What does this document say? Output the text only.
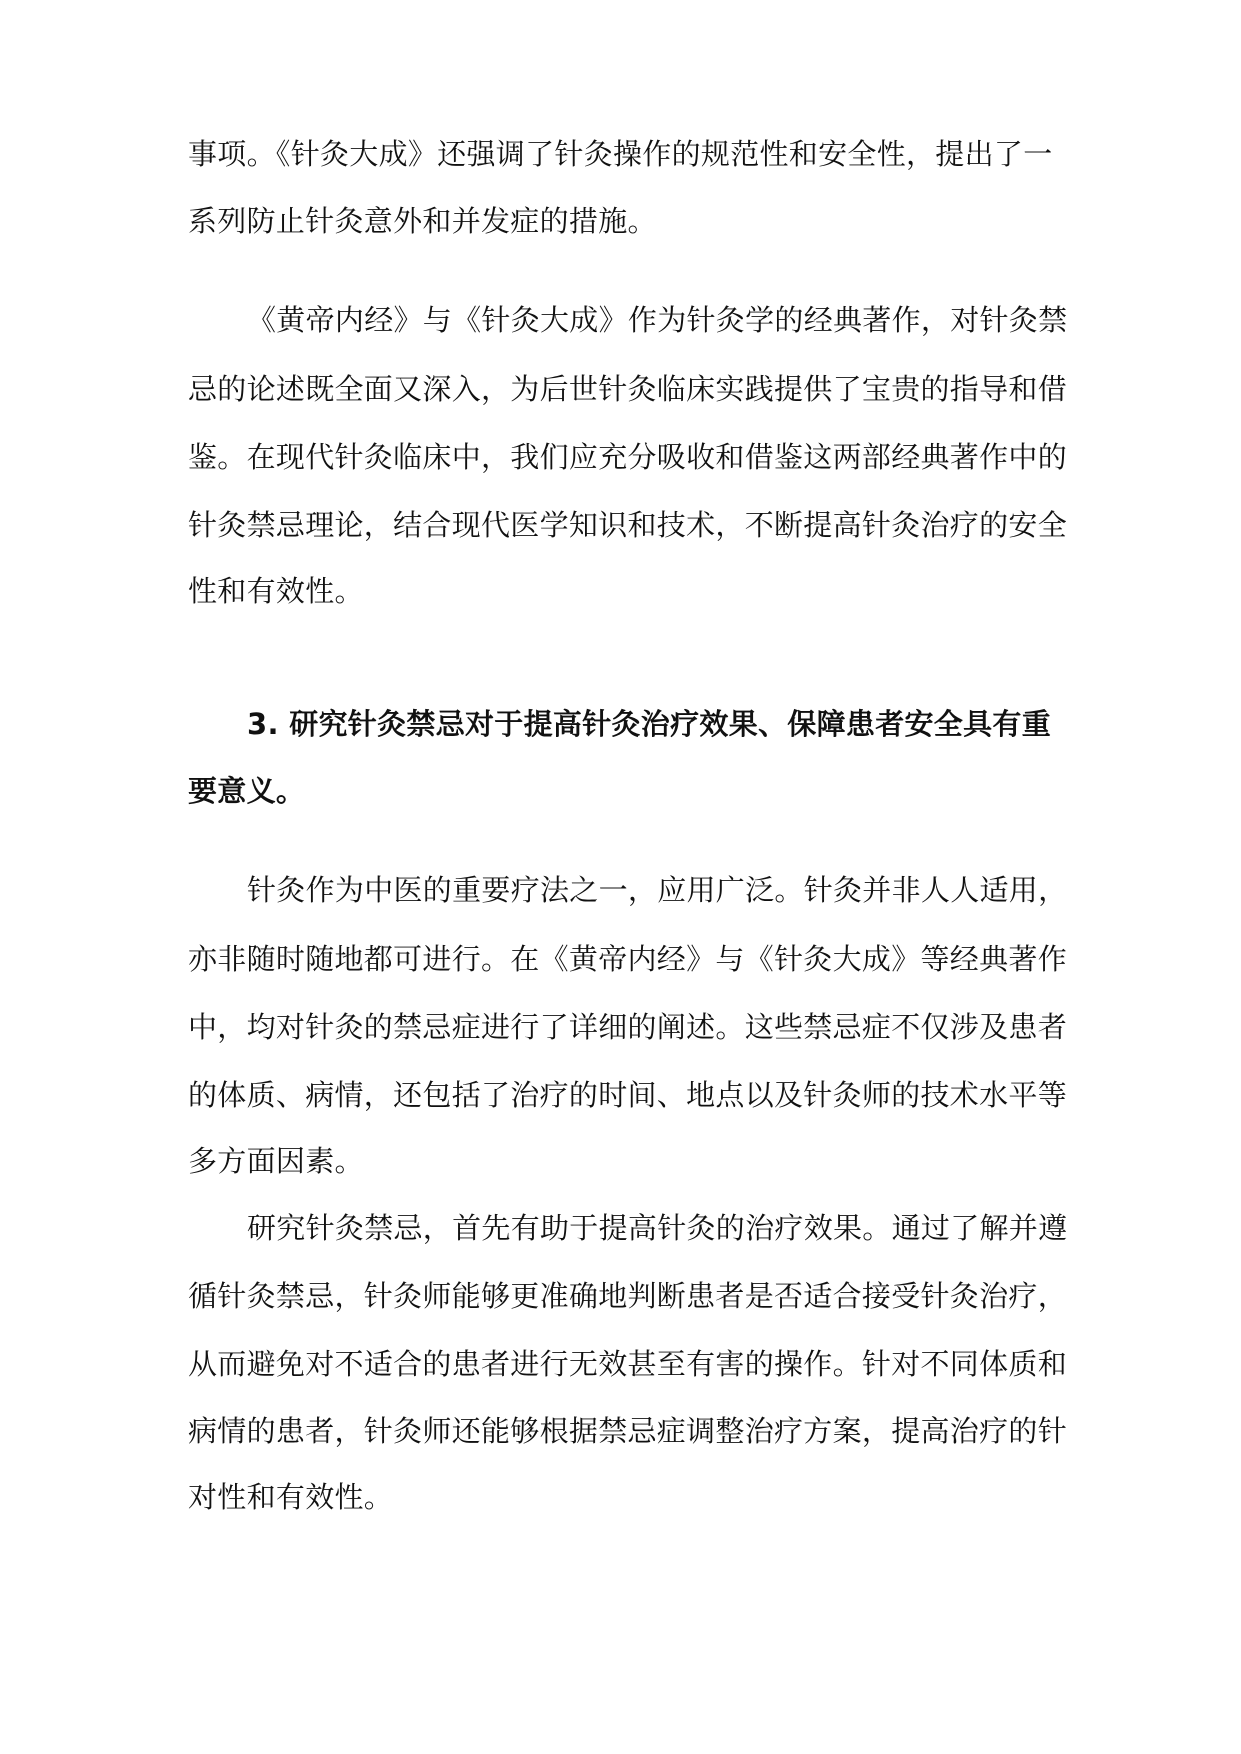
事项。《针灸大成》还强调了针灸操作的规范性和安全性，提出了一
系列防止针灸意外和并发症的措施。
《黄帝内经》与《针灸大成》作为针灸学的经典著作，对针灸禁
忌的论述既全面又深入，为后世针灸临床实践提供了宝贵的指导和借
鉴。在现代针灸临床中，我们应充分吸收和借鉴这两部经典著作中的
针灸禁忌理论，结合现代医学知识和技术，不断提高针灸治疗的安全
性和有效性。
3. 研究针灸禁忌对于提高针灸治疗效果、保障患者安全具有重
要意义。
针灸作为中医的重要疗法之一，应用广泛。针灸并非人人适用，
亦非随时随地都可进行。在《黄帝内经》与《针灸大成》等经典著作
中，均对针灸的禁忌症进行了详细的阐述。这些禁忌症不仅涉及患者
的体质、病情，还包括了治疗的时间、地点以及针灸师的技术水平等
多方面因素。
研究针灸禁忌，首先有助于提高针灸的治疗效果。通过了解并遵
循针灸禁忌，针灸师能够更准确地判断患者是否适合接受针灸治疗，
从而避免对不适合的患者进行无效甚至有害的操作。针对不同体质和
病情的患者，针灸师还能够根据禁忌症调整治疗方案，提高治疗的针
对性和有效性。
